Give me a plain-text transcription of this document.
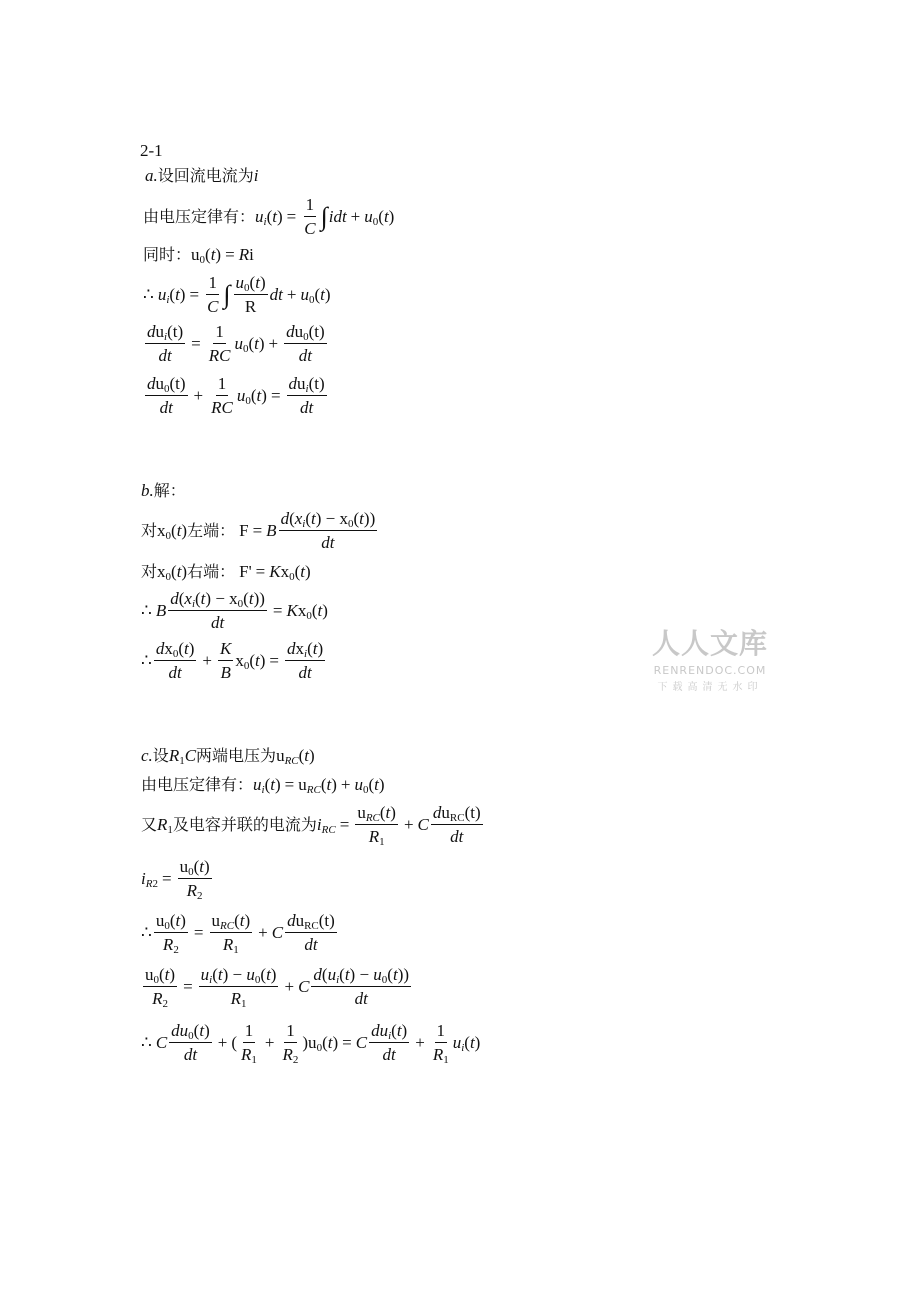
2-1
a. 设回流电流为 i
由电压定律有： $u_i(t) = \frac{1}{C}$ ∫ idt + $u_0(t)$
同时： $u_0(t) = Ri$
∴ $u_i(t) = \frac{1}{C}$ ∫ $\frac{u_0(t)}{R}$ dt + $u_0(t)$
$\frac{du_i(t)}{dt} = \frac{1}{RC} u_0(t) + \frac{du_0(t)}{dt}$
$\frac{du_0(t)}{dt} + \frac{1}{RC} u_0(t) = \frac{du_i(t)}{dt}$
b. 解：
对 $x_0(t)$ 左端： F = B $\frac{d(x_i(t) - x_0(t))}{dt}$
对 $x_0(t)$ 右端： $F' = Kx_0(t)$
∴ B $\frac{d(x_i(t) - x_0(t))}{dt} = Kx_0(t)$
∴ $\frac{dx_0(t)}{dt} + \frac{K}{B} x_0(t) = \frac{dx_i(t)}{dt}$
c. 设 $R_1C$ 两端电压为 $u_{RC}(t)$
由电压定律有： $u_i(t) = u_{RC}(t) + u_0(t)$
又 $R_1$ 及电容并联的电流为 $i_{RC} = \frac{u_{RC}(t)}{R_1} + C \frac{du_{RC}(t)}{dt}$
$i_{R2} = \frac{u_0(t)}{R_2}$
∴ $\frac{u_0(t)}{R_2} = \frac{u_{RC}(t)}{R_1} + C \frac{du_{RC}(t)}{dt}$
$\frac{u_0(t)}{R_2} = \frac{u_i(t) - u_0(t)}{R_1} + C \frac{d(u_i(t) - u_0(t))}{dt}$
∴ C $\frac{du_0(t)}{dt}$ + ( $\frac{1}{R_1} + \frac{1}{R_2} )u_0(t) = C \frac{du_i(t)}{dt} + \frac{1}{R_1} u_i(t)$
人人文库
RENRENDOC.COM
下载高清无水印
